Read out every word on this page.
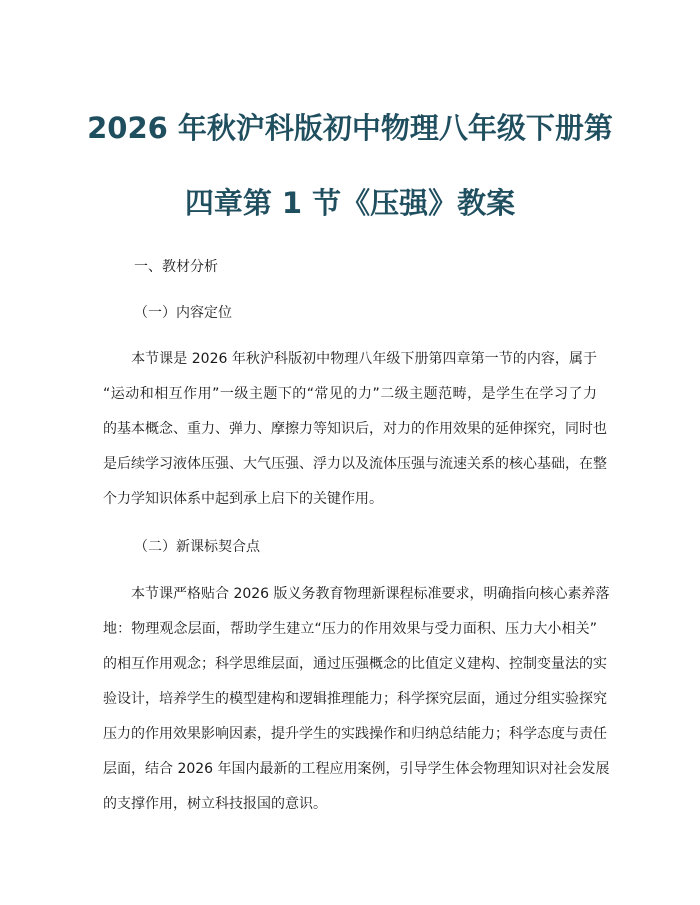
2026 年秋沪科版初中物理八年级下册第
四章第 1 节《压强》教案
一、教材分析
（一）内容定位
　　本节课是 2026 年秋沪科版初中物理八年级下册第四章第一节的内容，属于
“运动和相互作用”一级主题下的“常见的力”二级主题范畴，是学生在学习了力
的基本概念、重力、弹力、摩擦力等知识后，对力的作用效果的延伸探究，同时也
是后续学习液体压强、大气压强、浮力以及流体压强与流速关系的核心基础，在整
个力学知识体系中起到承上启下的关键作用。
（二）新课标契合点
　　本节课严格贴合 2026 版义务教育物理新课程标准要求，明确指向核心素养落
地：物理观念层面，帮助学生建立“压力的作用效果与受力面积、压力大小相关”
的相互作用观念；科学思维层面，通过压强概念的比值定义建构、控制变量法的实
验设计，培养学生的模型建构和逻辑推理能力；科学探究层面，通过分组实验探究
压力的作用效果影响因素，提升学生的实践操作和归纳总结能力；科学态度与责任
层面，结合 2026 年国内最新的工程应用案例，引导学生体会物理知识对社会发展
的支撑作用，树立科技报国的意识。
